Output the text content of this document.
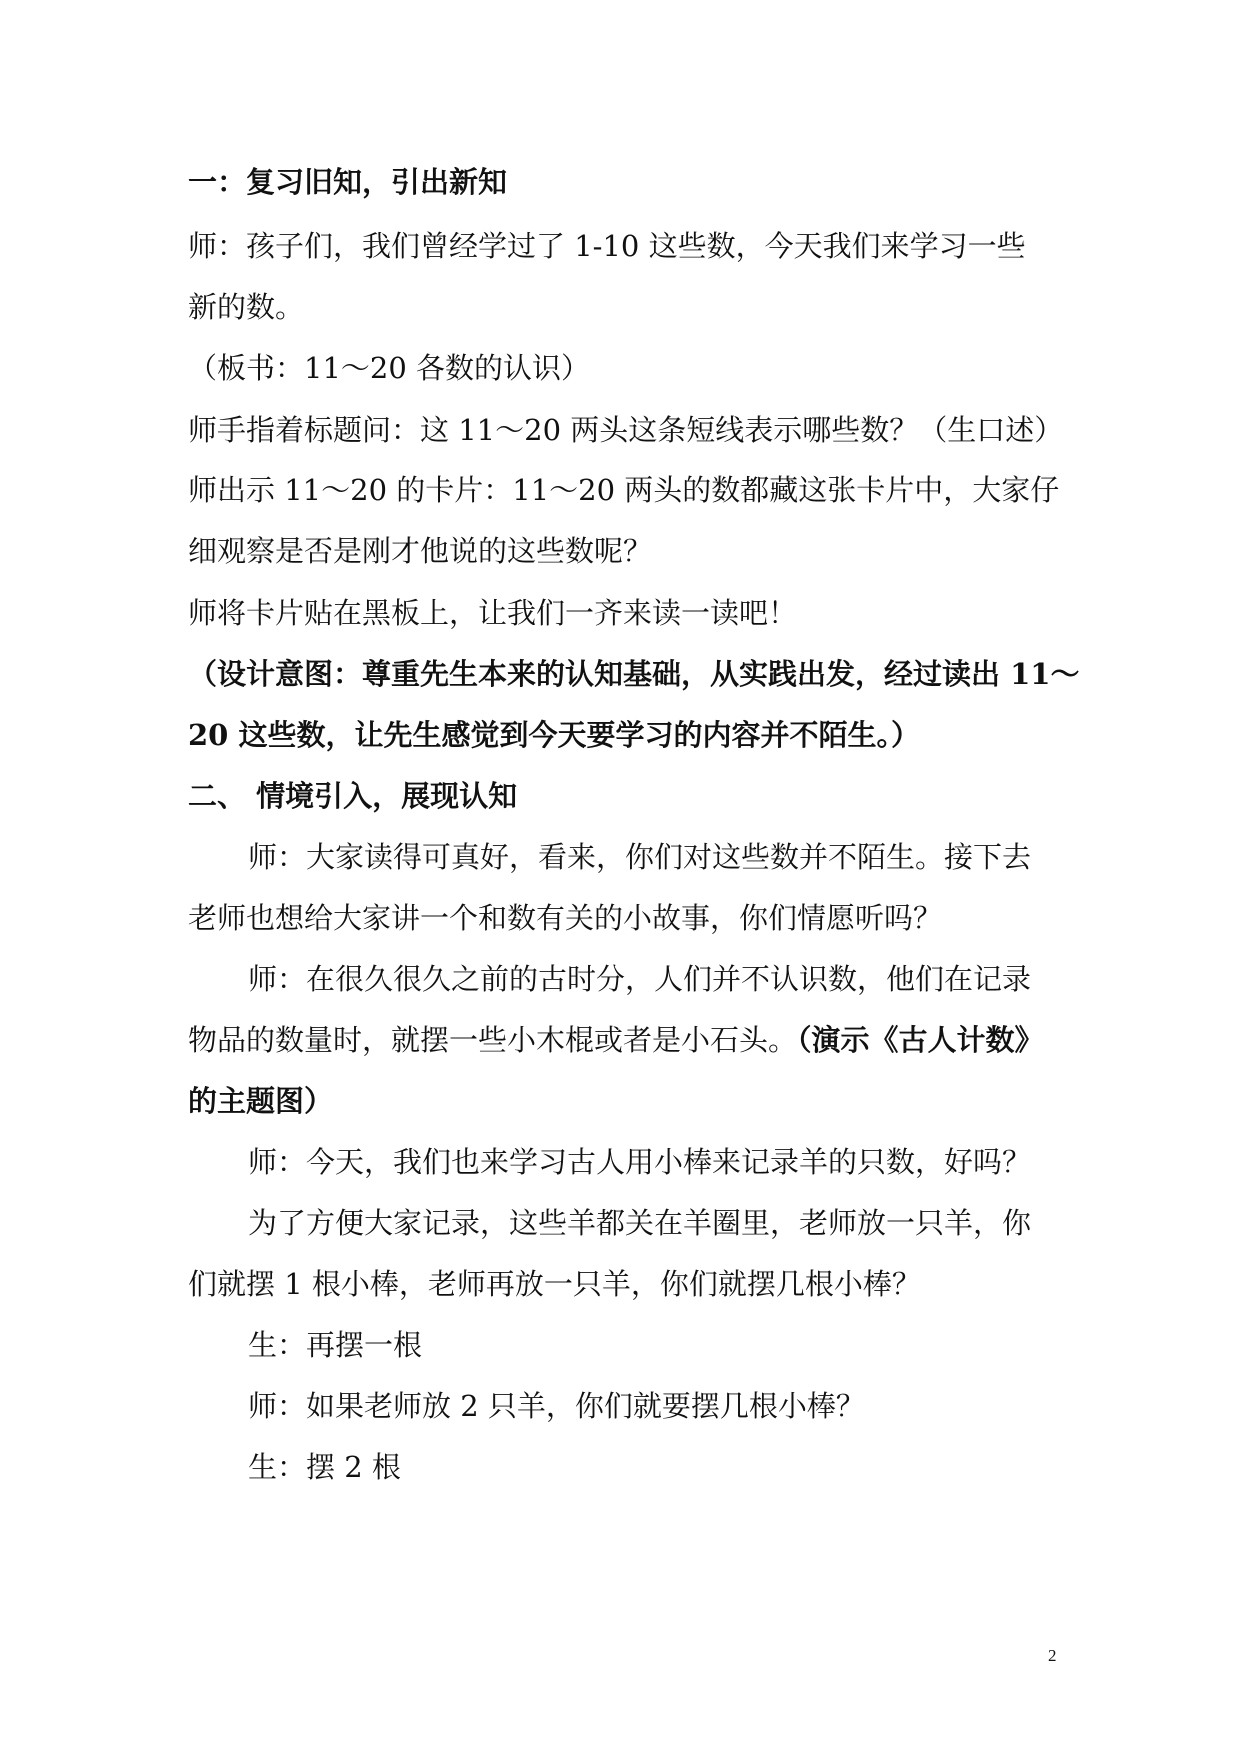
一：复习旧知，引出新知
师：孩子们，我们曾经学过了 1-10 这些数，今天我们来学习一些
新的数。
（板书：11～20 各数的认识）
师手指着标题问：这 11～20 两头这条短线表示哪些数？（生口述）
师出示 11～20 的卡片：11～20 两头的数都藏这张卡片中，大家仔
细观察是否是刚才他说的这些数呢？
师将卡片贴在黑板上，让我们一齐来读一读吧！
（设计意图：尊重先生本来的认知基础，从实践出发，经过读出 11～
20 这些数，让先生感觉到今天要学习的内容并不陌生。）
二、 情境引入，展现认知
师：大家读得可真好，看来，你们对这些数并不陌生。接下去
老师也想给大家讲一个和数有关的小故事，你们情愿听吗？
师：在很久很久之前的古时分，人们并不认识数，他们在记录
物品的数量时，就摆一些小木棍或者是小石头。（演示《古人计数》
的主题图）
师：今天，我们也来学习古人用小棒来记录羊的只数，好吗？
为了方便大家记录，这些羊都关在羊圈里，老师放一只羊，你
们就摆 1 根小棒，老师再放一只羊，你们就摆几根小棒？
生：再摆一根
师：如果老师放 2 只羊，你们就要摆几根小棒？
生：摆 2 根
2
